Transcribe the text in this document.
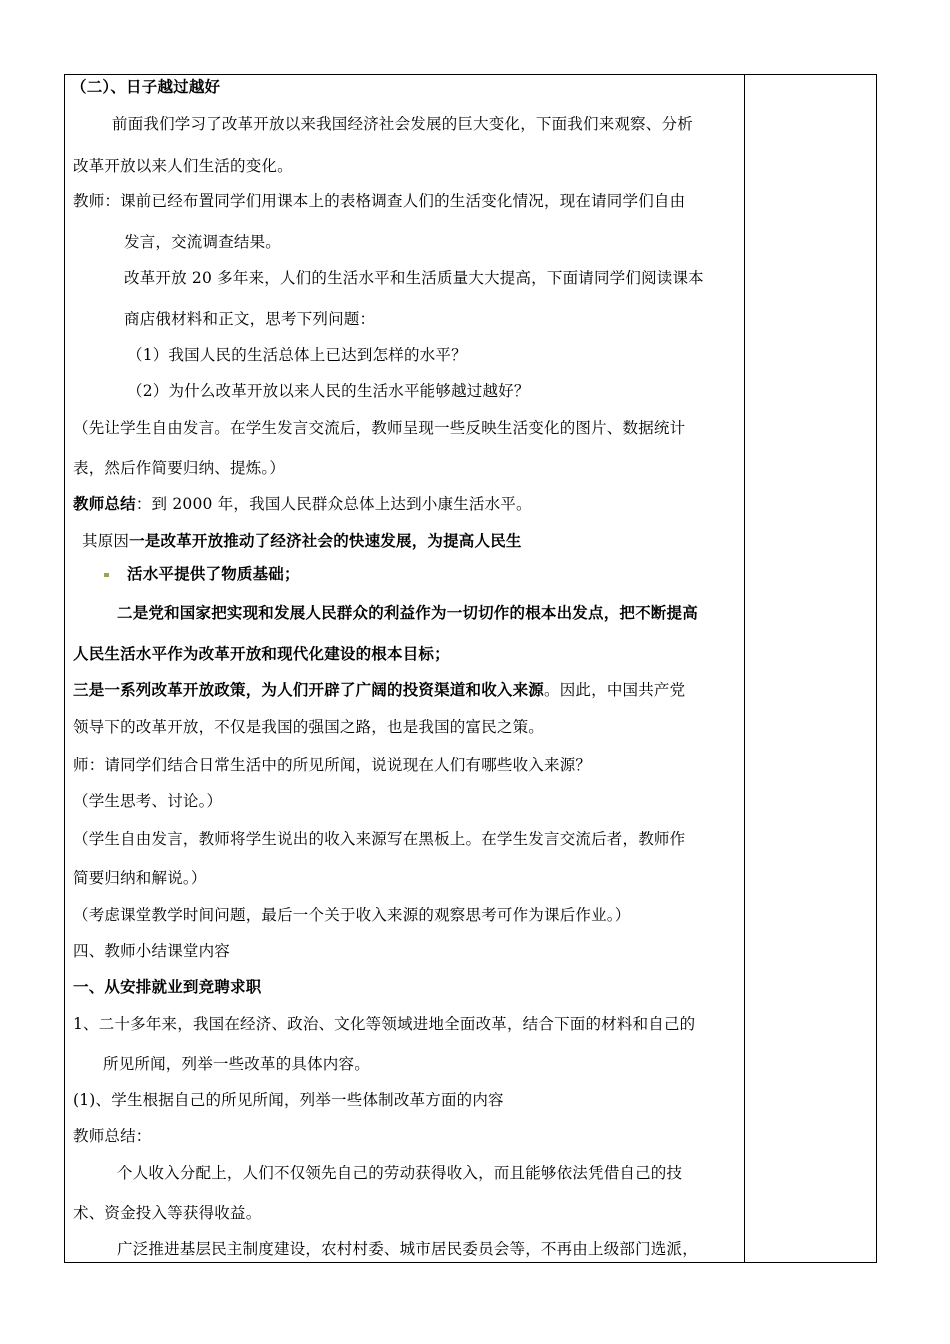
（二）、日子越过越好
前面我们学习了改革开放以来我国经济社会发展的巨大变化，下面我们来观察、分析
改革开放以来人们生活的变化。
教师：课前已经布置同学们用课本上的表格调查人们的生活变化情况，现在请同学们自由
发言，交流调查结果。
改革开放 20 多年来，人们的生活水平和生活质量大大提高，下面请同学们阅读课本
商店俄材料和正文，思考下列问题：
（1）我国人民的生活总体上已达到怎样的水平？
（2）为什么改革开放以来人民的生活水平能够越过越好？
（先让学生自由发言。在学生发言交流后，教师呈现一些反映生活变化的图片、数据统计
表，然后作简要归纳、提炼。）
教师总结：到 2000 年，我国人民群众总体上达到小康生活水平。
其原因一是改革开放推动了经济社会的快速发展，为提高人民生
活水平提供了物质基础；
二是党和国家把实现和发展人民群众的利益作为一切切作的根本出发点，把不断提高
人民生活水平作为改革开放和现代化建设的根本目标；
三是一系列改革开放政策，为人们开辟了广阔的投资渠道和收入来源。因此，中国共产党
领导下的改革开放，不仅是我国的强国之路，也是我国的富民之策。
师：请同学们结合日常生活中的所见所闻，说说现在人们有哪些收入来源？
（学生思考、讨论。）
（学生自由发言，教师将学生说出的收入来源写在黑板上。在学生发言交流后者，教师作
简要归纳和解说。）
（考虑课堂教学时间问题，最后一个关于收入来源的观察思考可作为课后作业。）
四、教师小结课堂内容
一、从安排就业到竞聘求职
1、二十多年来，我国在经济、政治、文化等领域进地全面改革，结合下面的材料和自己的
所见所闻，列举一些改革的具体内容。
(1)、学生根据自己的所见所闻，列举一些体制改革方面的内容
教师总结：
个人收入分配上，人们不仅领先自己的劳动获得收入，而且能够依法凭借自己的技
术、资金投入等获得收益。
广泛推进基层民主制度建设，农村村委、城市居民委员会等，不再由上级部门选派，
